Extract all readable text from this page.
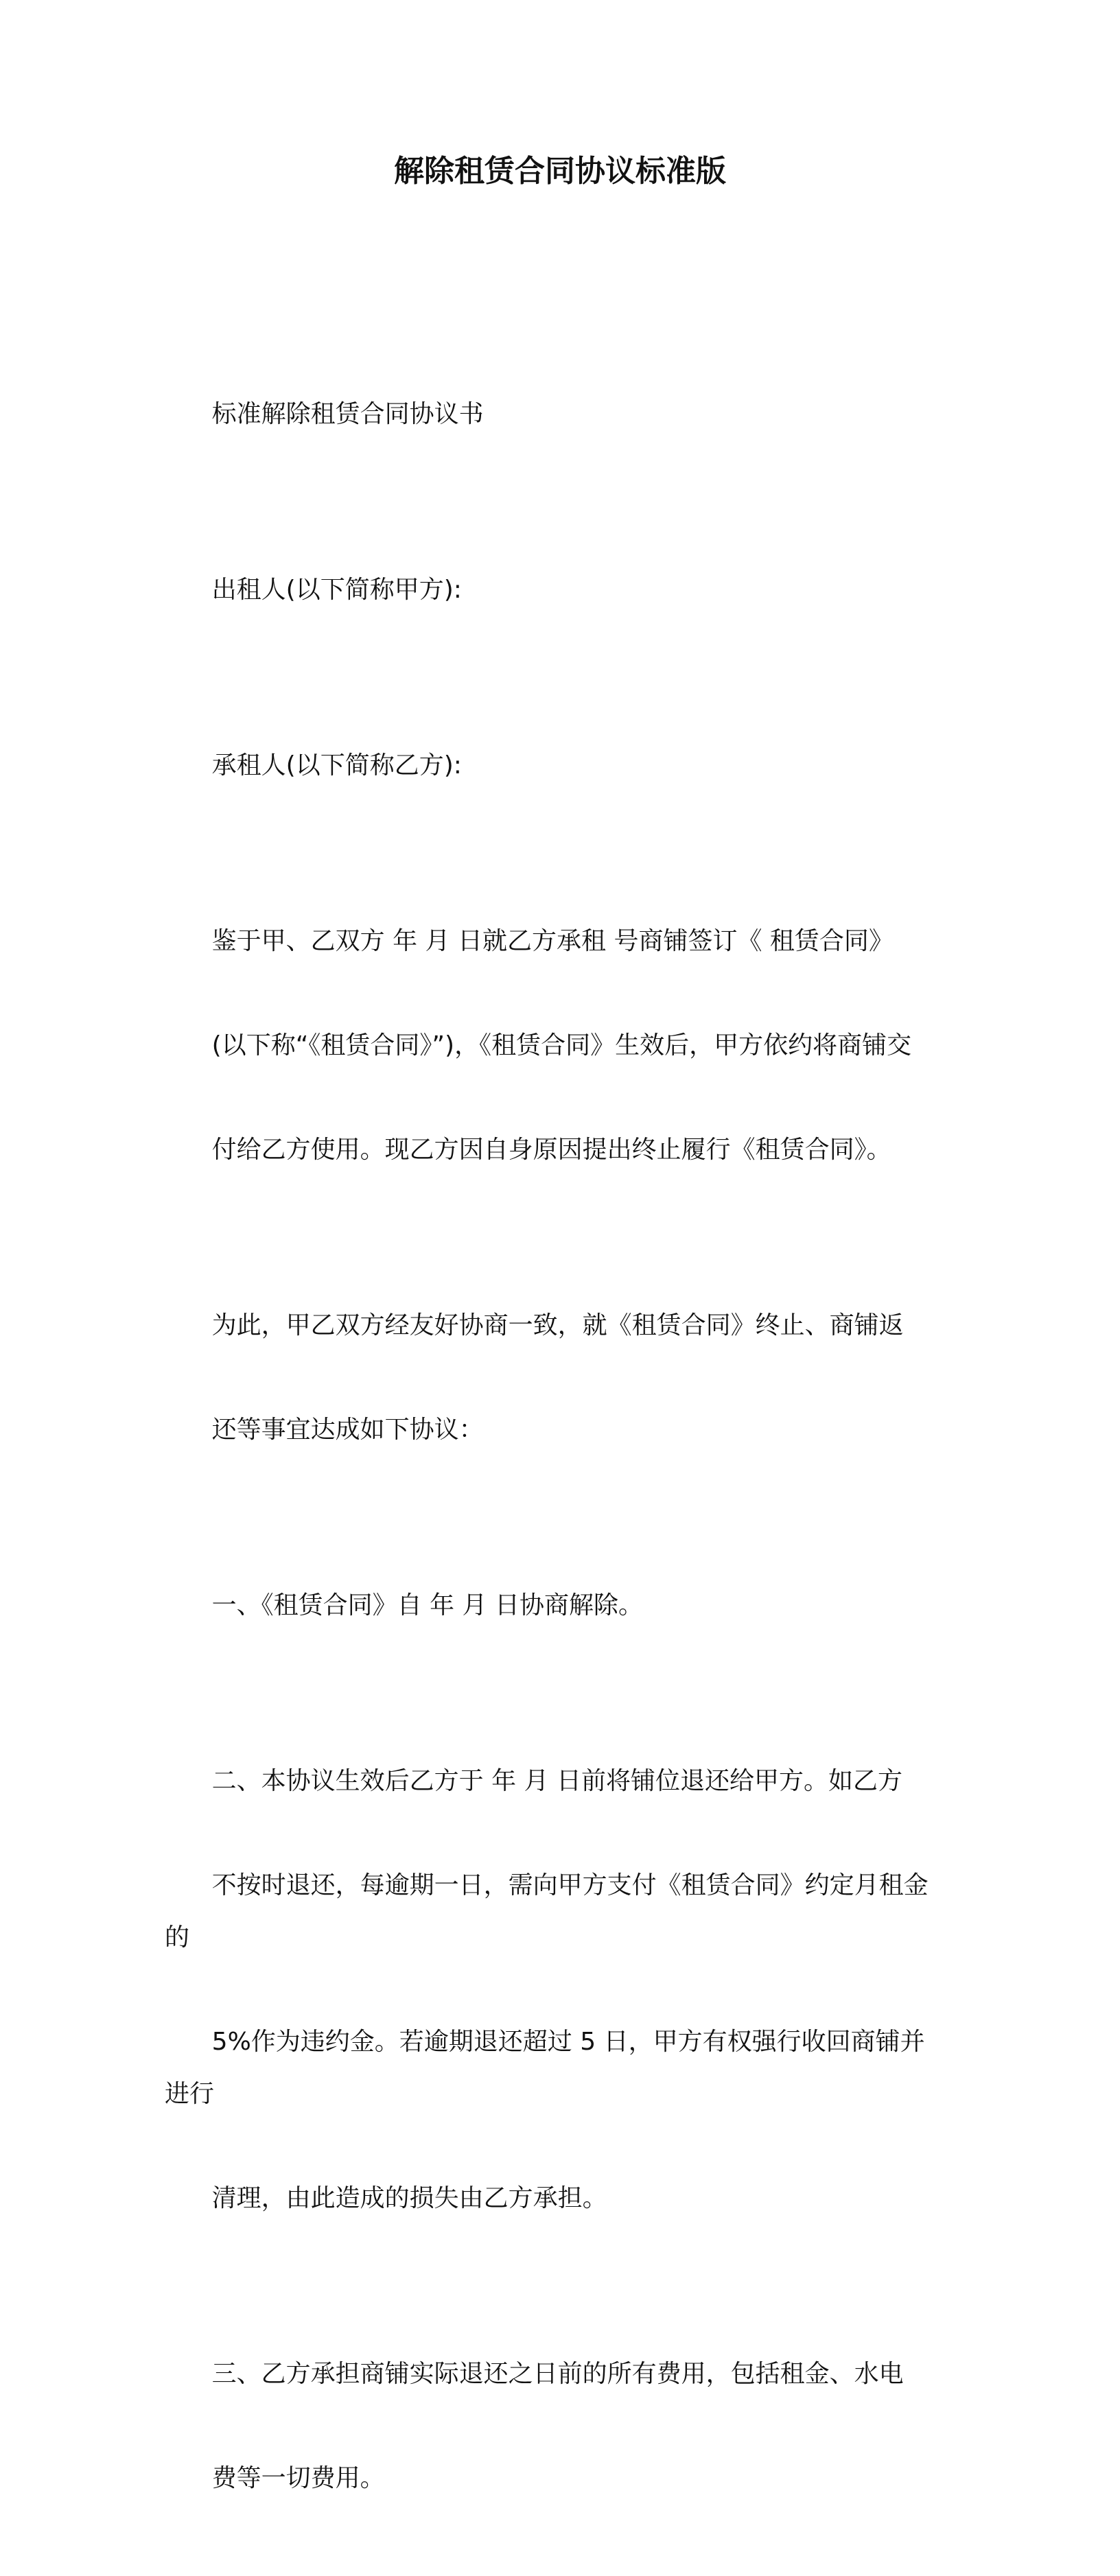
解除租赁合同协议标准版

标准解除租赁合同协议书

出租人(以下简称甲方):

承租人(以下简称乙方):

鉴于甲、乙双方 年 月 日就乙方承租 号商铺签订《 租赁合同》

(以下称“《租赁合同》”)，《租赁合同》生效后，甲方依约将商铺交

付给乙方使用。现乙方因自身原因提出终止履行《租赁合同》。

为此，甲乙双方经友好协商一致，就《租赁合同》终止、商铺返

还等事宜达成如下协议：

一、《租赁合同》自 年 月 日协商解除。

二、本协议生效后乙方于 年 月 日前将铺位退还给甲方。如乙方

不按时退还，每逾期一日，需向甲方支付《租赁合同》约定月租金的

5%作为违约金。若逾期退还超过 5 日，甲方有权强行收回商铺并进行

清理，由此造成的损失由乙方承担。

三、乙方承担商铺实际退还之日前的所有费用，包括租金、水电

费等一切费用。
